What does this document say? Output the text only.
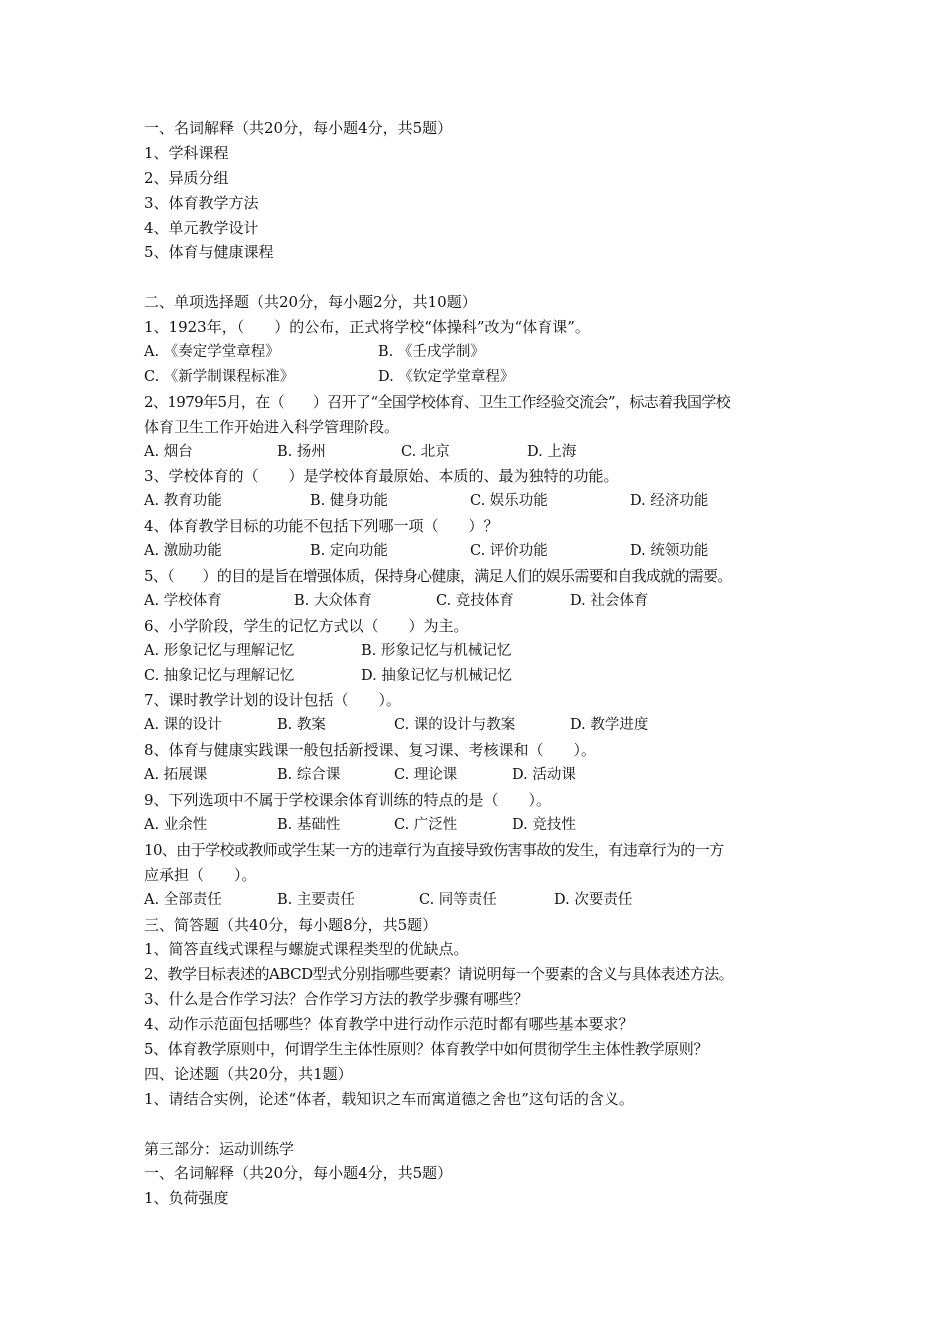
一、名词解释（共20分，每小题4分，共5题）
1、学科课程
2、异质分组
3、体育教学方法
4、单元教学设计
5、体育与健康课程
二、单项选择题（共20分，每小题2分，共10题）
1、1923年，（　　）的公布，正式将学校“体操科”改为“体育课”。
A. 《奏定学堂章程》	B. 《壬戌学制》
C. 《新学制课程标准》	D. 《钦定学堂章程》
2、1979年5月，在（　　）召开了“全国学校体育、卫生工作经验交流会”，标志着我国学校
体育卫生工作开始进入科学管理阶段。
A. 烟台	B. 扬州	C. 北京	D. 上海
3、学校体育的（　　）是学校体育最原始、本质的、最为独特的功能。
A. 教育功能	B. 健身功能	C. 娱乐功能	D. 经济功能
4、体育教学目标的功能不包括下列哪一项（　　）？
A. 激励功能	B. 定向功能	C. 评价功能	D. 统领功能
5、（　　）的目的是旨在增强体质，保持身心健康，满足人们的娱乐需要和自我成就的需要。
A. 学校体育	B. 大众体育	C. 竞技体育	D. 社会体育
6、小学阶段，学生的记忆方式以（　　）为主。
A. 形象记忆与理解记忆	B. 形象记忆与机械记忆
C. 抽象记忆与理解记忆	D. 抽象记忆与机械记忆
7、课时教学计划的设计包括（　　）。
A. 课的设计	B. 教案	C. 课的设计与教案	D. 教学进度
8、体育与健康实践课一般包括新授课、复习课、考核课和（　　）。
A. 拓展课	B. 综合课	C. 理论课	D. 活动课
9、下列选项中不属于学校课余体育训练的特点的是（　　）。
A. 业余性	B. 基础性	C. 广泛性	D. 竞技性
10、由于学校或教师或学生某一方的违章行为直接导致伤害事故的发生，有违章行为的一方
应承担（　　）。
A. 全部责任	B. 主要责任	C. 同等责任	D. 次要责任
三、简答题（共40分，每小题8分，共5题）
1、简答直线式课程与螺旋式课程类型的优缺点。
2、教学目标表述的ABCD型式分别指哪些要素？请说明每一个要素的含义与具体表述方法。
3、什么是合作学习法？合作学习方法的教学步骤有哪些？
4、动作示范面包括哪些？体育教学中进行动作示范时都有哪些基本要求？
5、体育教学原则中，何谓学生主体性原则？体育教学中如何贯彻学生主体性教学原则？
四、论述题（共20分，共1题）
1、请结合实例，论述“体者，载知识之车而寓道德之舍也”这句话的含义。
第三部分：运动训练学
一、名词解释（共20分，每小题4分，共5题）
1、负荷强度
